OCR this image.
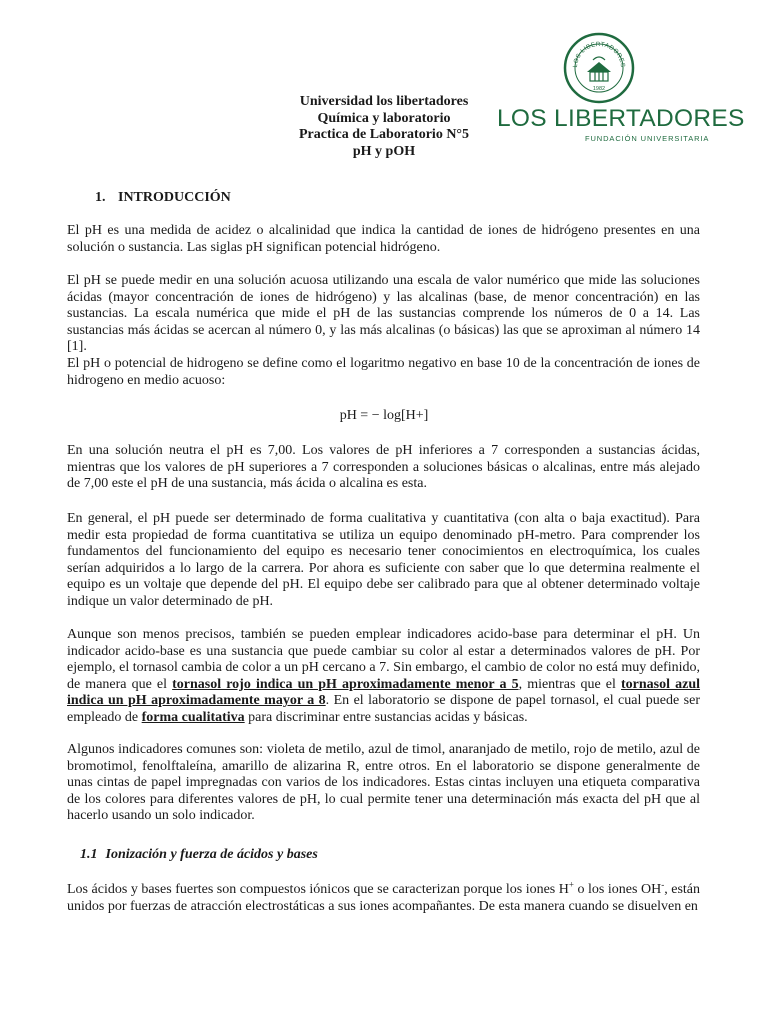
LOS LIBERTADORES
1982
LOS LIBERTADORES
FUNDACIÓN UNIVERSITARIA
Universidad los libertadores
Química y laboratorio
Practica de Laboratorio N°5
pH y pOH
1. INTRODUCCIÓN

El pH es una medida de acidez o alcalinidad que indica la cantidad de iones de hidrógeno presentes en una solución o sustancia. Las siglas pH significan potencial hidrógeno.

El pH se puede medir en una solución acuosa utilizando una escala de valor numérico que mide las soluciones ácidas (mayor concentración de iones de hidrógeno) y las alcalinas (base, de menor concentración) en las sustancias. La escala numérica que mide el pH de las sustancias comprende los números de 0 a 14. Las sustancias más ácidas se acercan al número 0, y las más alcalinas (o básicas) las que se aproximan al número 14 [1].

El pH o potencial de hidrogeno se define como el logaritmo negativo en base 10 de la concentración de iones de hidrogeno en medio acuoso:

pH = − log[H+]

En una solución neutra el pH es 7,00. Los valores de pH inferiores a 7 corresponden a sustancias ácidas, mientras que los valores de pH superiores a 7 corresponden a soluciones básicas o alcalinas, entre más alejado de 7,00 este el pH de una sustancia, más ácida o alcalina es esta.

En general, el pH puede ser determinado de forma cualitativa y cuantitativa (con alta o baja exactitud). Para medir esta propiedad de forma cuantitativa se utiliza un equipo denominado pH-metro. Para comprender los fundamentos del funcionamiento del equipo es necesario tener conocimientos en electroquímica, los cuales serían adquiridos a lo largo de la carrera. Por ahora es suficiente con saber que lo que determina realmente el equipo es un voltaje que depende del pH. El equipo debe ser calibrado para que al obtener determinado voltaje indique un valor determinado de pH.

Aunque son menos precisos, también se pueden emplear indicadores acido-base para determinar el pH. Un indicador acido-base es una sustancia que puede cambiar su color al estar a determinados valores de pH. Por ejemplo, el tornasol cambia de color a un pH cercano a 7. Sin embargo, el cambio de color no está muy definido, de manera que el tornasol rojo indica un pH aproximadamente menor a 5, mientras que el tornasol azul indica un pH aproximadamente mayor a 8. En el laboratorio se dispone de papel tornasol, el cual puede ser empleado de forma cualitativa para discriminar entre sustancias acidas y básicas.

Algunos indicadores comunes son: violeta de metilo, azul de timol, anaranjado de metilo, rojo de metilo, azul de bromotimol, fenolftaleína, amarillo de alizarina R, entre otros. En el laboratorio se dispone generalmente de unas cintas de papel impregnadas con varios de los indicadores. Estas cintas incluyen una etiqueta comparativa de los colores para diferentes valores de pH, lo cual permite tener una determinación más exacta del pH que al hacerlo usando un solo indicador.

1.1 Ionización y fuerza de ácidos y bases

Los ácidos y bases fuertes son compuestos iónicos que se caracterizan porque los iones H+ o los iones OH-, están unidos por fuerzas de atracción electrostáticas a sus iones acompañantes. De esta manera cuando se disuelven en
